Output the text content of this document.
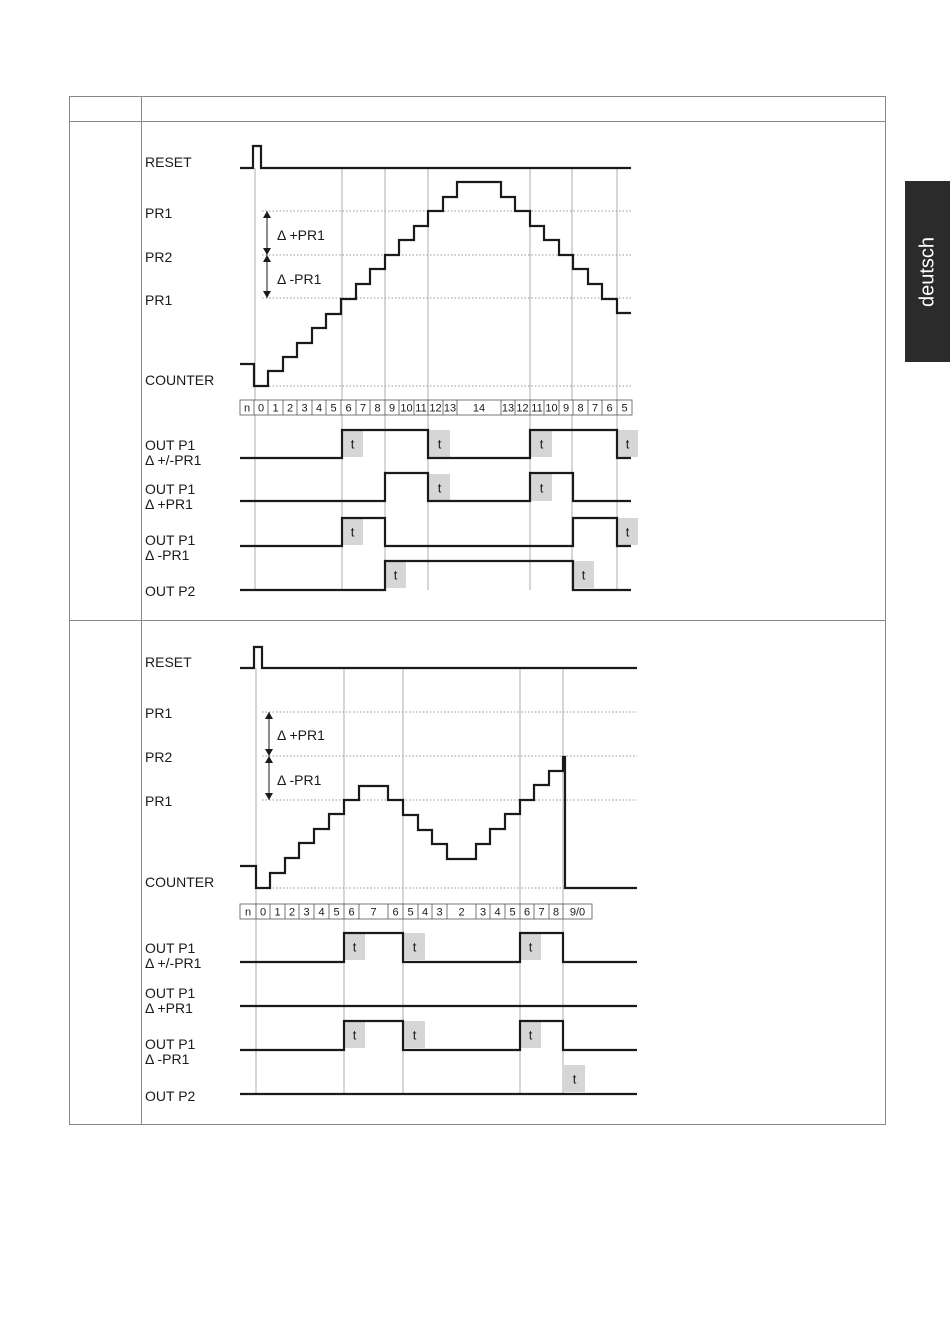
RESET
PR1
PR2
PR1
COUNTER
Δ +PR1
Δ -PR1
OUT P1
Δ +/-PR1
OUT P1
Δ +PR1
OUT P1
Δ -PR1
OUT P2
n 0 1 2 3 4 5 6 7 8 9 10 11 12 13 14 13 12 11 10 9 8 7 6 5
t	t	t	t
t	t
t	t
t	t
RESET
PR1
PR2
PR1
COUNTER
Δ +PR1
Δ -PR1
OUT P1
Δ +/-PR1
OUT P1
Δ +PR1
OUT P1
Δ -PR1
OUT P2
n 0 1 2 3 4 5 6 7 6 5 4 3 2 3 4 5 6 7 8 9/0
t	t	t
t	t	t
t
deutsch
